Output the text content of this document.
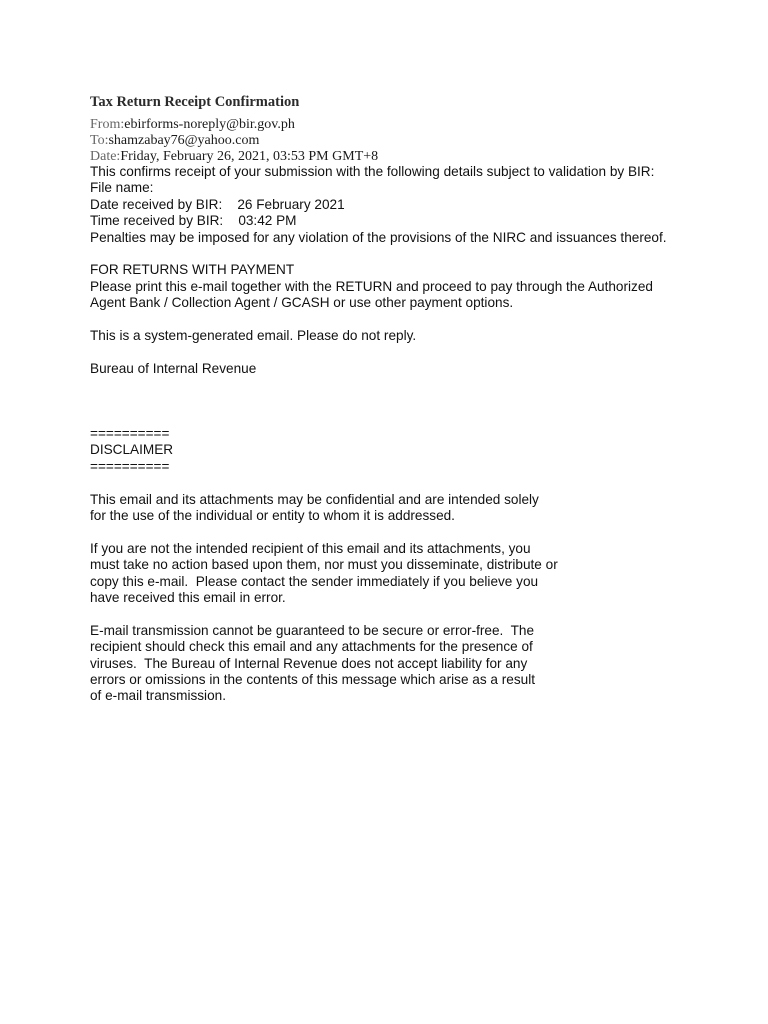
Tax Return Receipt Confirmation
From:ebirforms-noreply@bir.gov.ph
To:shamzabay76@yahoo.com
Date:Friday, February 26, 2021, 03:53 PM GMT+8
This confirms receipt of your submission with the following details subject to validation by BIR:
File name:
Date received by BIR:    26 February 2021
Time received by BIR:    03:42 PM
Penalties may be imposed for any violation of the provisions of the NIRC and issuances thereof.
FOR RETURNS WITH PAYMENT
Please print this e-mail together with the RETURN and proceed to pay through the Authorized
Agent Bank / Collection Agent / GCASH or use other payment options.
This is a system-generated email. Please do not reply.
Bureau of Internal Revenue
==========
DISCLAIMER
==========
This email and its attachments may be confidential and are intended solely
for the use of the individual or entity to whom it is addressed.
If you are not the intended recipient of this email and its attachments, you
must take no action based upon them, nor must you disseminate, distribute or
copy this e-mail.  Please contact the sender immediately if you believe you
have received this email in error.
E-mail transmission cannot be guaranteed to be secure or error-free.  The
recipient should check this email and any attachments for the presence of
viruses.  The Bureau of Internal Revenue does not accept liability for any
errors or omissions in the contents of this message which arise as a result
of e-mail transmission.
